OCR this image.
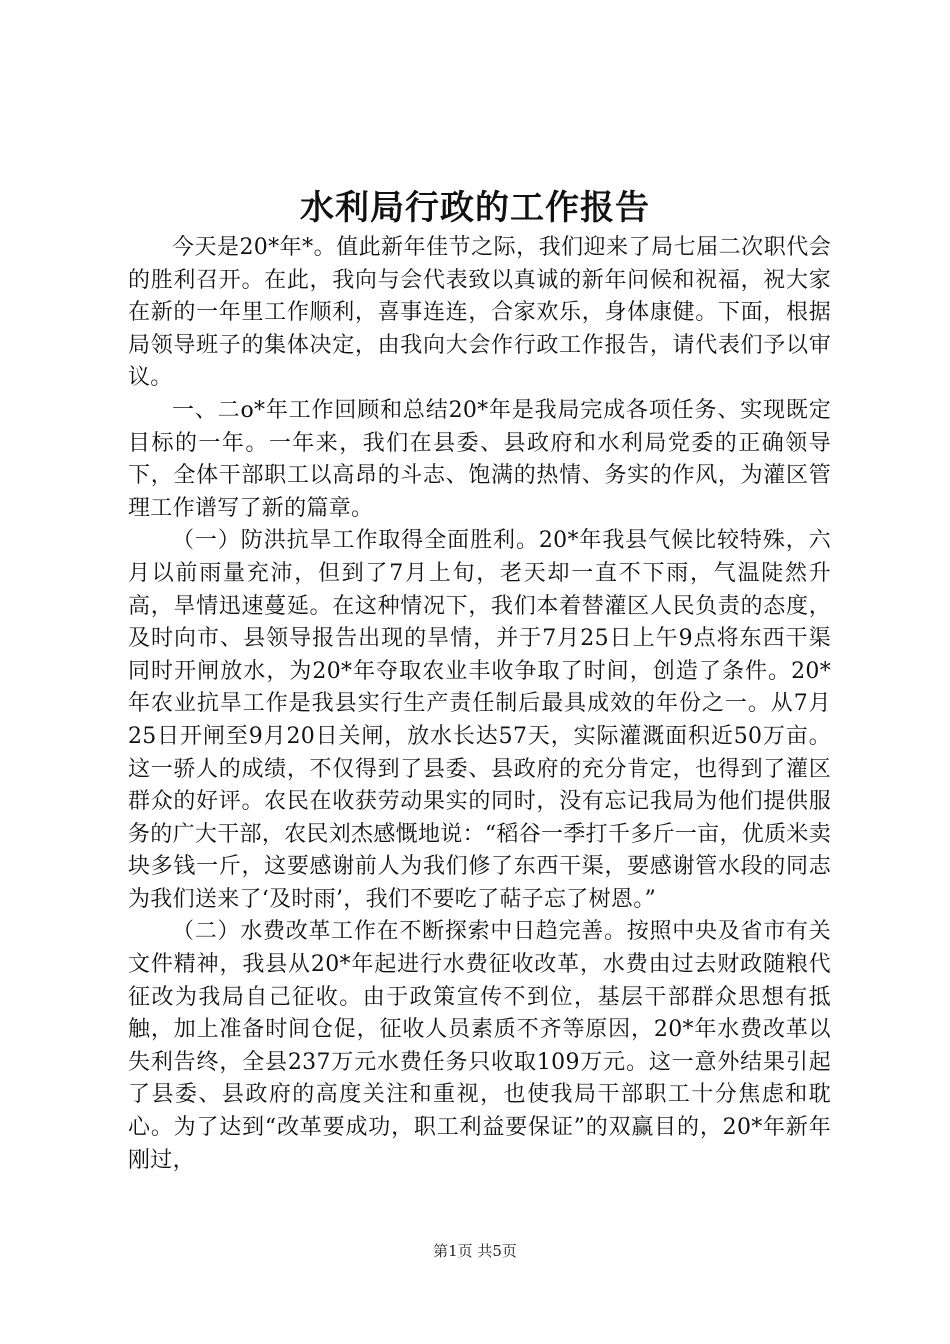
水利局行政的工作报告

今天是20*年*。值此新年佳节之际，我们迎来了局七届二次职代会的胜利召开。在此，我向与会代表致以真诚的新年问候和祝福，祝大家在新的一年里工作顺利，喜事连连，合家欢乐，身体康健。下面，根据局领导班子的集体决定，由我向大会作行政工作报告，请代表们予以审议。

一、二o*年工作回顾和总结20*年是我局完成各项任务、实现既定目标的一年。一年来，我们在县委、县政府和水利局党委的正确领导下，全体干部职工以高昂的斗志、饱满的热情、务实的作风，为灌区管理工作谱写了新的篇章。

（一）防洪抗旱工作取得全面胜利。20*年我县气候比较特殊，六月以前雨量充沛，但到了7月上旬，老天却一直不下雨，气温陡然升高，旱情迅速蔓延。在这种情况下，我们本着替灌区人民负责的态度，及时向市、县领导报告出现的旱情，并于7月25日上午9点将东西干渠同时开闸放水，为20*年夺取农业丰收争取了时间，创造了条件。20*年农业抗旱工作是我县实行生产责任制后最具成效的年份之一。从7月25日开闸至9月20日关闸，放水长达57天，实际灌溉面积近50万亩。这一骄人的成绩，不仅得到了县委、县政府的充分肯定，也得到了灌区群众的好评。农民在收获劳动果实的同时，没有忘记我局为他们提供服务的广大干部，农民刘杰感慨地说：“稻谷一季打千多斤一亩，优质米卖块多钱一斤，这要感谢前人为我们修了东西干渠，要感谢管水段的同志为我们送来了‘及时雨’，我们不要吃了萜子忘了树恩。”

（二）水费改革工作在不断探索中日趋完善。按照中央及省市有关文件精神，我县从20*年起进行水费征收改革，水费由过去财政随粮代征改为我局自己征收。由于政策宣传不到位，基层干部群众思想有抵触，加上准备时间仓促，征收人员素质不齐等原因，20*年水费改革以失利告终，全县237万元水费任务只收取109万元。这一意外结果引起了县委、县政府的高度关注和重视，也使我局干部职工十分焦虑和耽心。为了达到“改革要成功，职工利益要保证”的双赢目的，20*年新年刚过，

第1页 共5页
